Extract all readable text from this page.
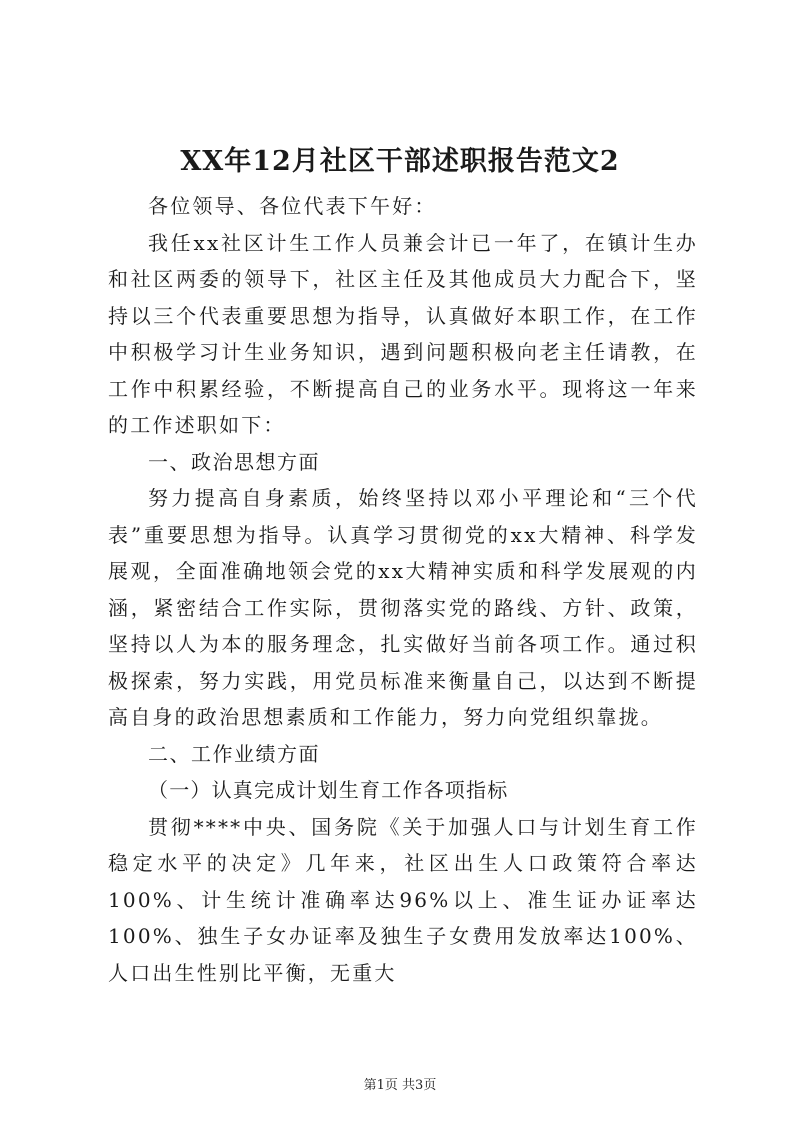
XX年12月社区干部述职报告范文2

各位领导、各位代表下午好：

我任xx社区计生工作人员兼会计已一年了，在镇计生办和社区两委的领导下，社区主任及其他成员大力配合下，坚持以三个代表重要思想为指导，认真做好本职工作，在工作中积极学习计生业务知识，遇到问题积极向老主任请教，在工作中积累经验，不断提高自己的业务水平。现将这一年来的工作述职如下：

一、政治思想方面

努力提高自身素质，始终坚持以邓小平理论和“三个代表”重要思想为指导。认真学习贯彻党的xx大精神、科学发展观，全面准确地领会党的xx大精神实质和科学发展观的内涵，紧密结合工作实际，贯彻落实党的路线、方针、政策，坚持以人为本的服务理念，扎实做好当前各项工作。通过积极探索，努力实践，用党员标准来衡量自己，以达到不断提高自身的政治思想素质和工作能力，努力向党组织靠拢。

二、工作业绩方面

（一）认真完成计划生育工作各项指标

贯彻****中央、国务院《关于加强人口与计划生育工作稳定水平的决定》几年来，社区出生人口政策符合率达100%、计生统计准确率达96%以上、准生证办证率达100%、独生子女办证率及独生子女费用发放率达100%、人口出生性别比平衡，无重大

第1页 共3页
